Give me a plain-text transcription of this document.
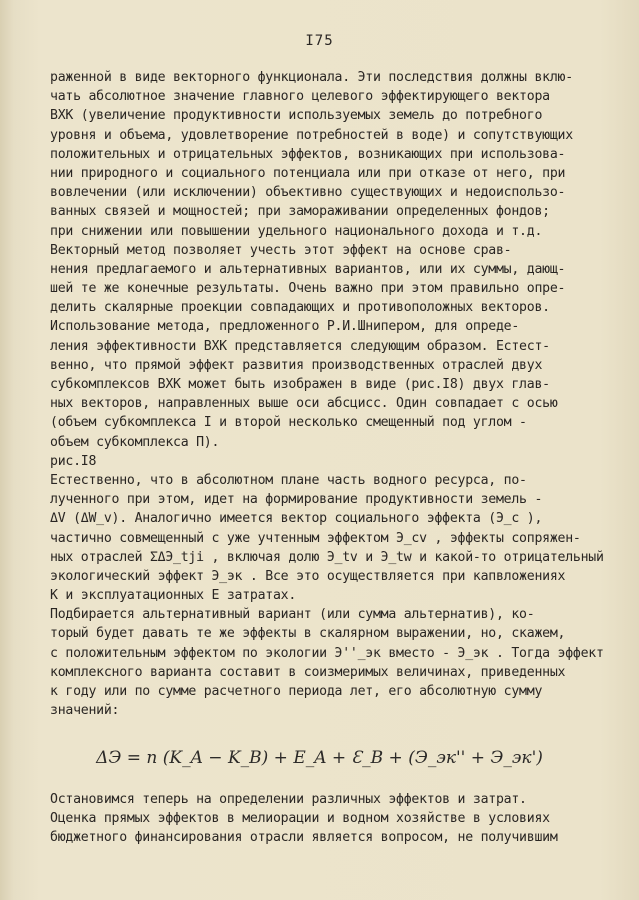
I75
раженной в виде векторного функционала. Эти последствия должны вклю-
чать абсолютное значение главного целевого эффектирующего вектора
ВХК (увеличение продуктивности используемых земель до потребного
уровня и объема, удовлетворение потребностей в воде) и сопутствующих
положительных и отрицательных эффектов, возникающих при использова-
нии природного и социального потенциала или при отказе от него, при
вовлечении (или исключении) объективно существующих и недоиспользо-
ванных связей и мощностей; при замораживании определенных фондов;
при снижении или повышении удельного национального дохода и т.д.
Векторный метод позволяет учесть этот эффект на основе срав-
нения предлагаемого и альтернативных вариантов, или их суммы, дающ-
шей те же конечные результаты. Очень важно при этом правильно опре-
делить скалярные проекции совпадающих и противоположных векторов.
Использование метода, предложенного Р.И.Шнипером, для опреде-
ления эффективности ВХК представляется следующим образом. Естест-
венно, что прямой эффект развития производственных отраслей двух
субкомплексов ВХК может быть изображен в виде (рис.I8) двух глав-
ных векторов, направленных выше оси абсцисс. Один совпадает с осью
(объем субкомплекса I и второй несколько смещенный под углом -
объем субкомплекса П).
рис.I8
Естественно, что в абсолютном плане часть водного ресурса, по-
лученного при этом, идет на формирование продуктивности земель -
ΔV (ΔW_v). Аналогично имеется вектор социального эффекта (Э_c ),
частично совмещенный с уже учтенным эффектом Э_cv , эффекты сопряжен-
ных отраслей ΣΔЭ_tji , включая долю Э_tv и Э_tw и какой-то отрицательный
экологический эффект Э_эк . Все это осуществляется при капвложениях
К и эксплуатационных Е затратах.
Подбирается альтернативный вариант (или сумма альтернатив), ко-
торый будет давать те же эффекты в скалярном выражении, но, скажем,
с положительным эффектом по экологии Э''_эк вместо - Э_эк . Тогда эффект
комплексного варианта составит в соизмеримых величинах, приведенных
к году или по сумме расчетного периода лет, его абсолютную сумму
значений:
ΔЭ = n (K_A − K_B) + E_A + Ɛ_B + (Э_эк'' + Э_эк')
Остановимся теперь на определении различных эффектов и затрат.
Оценка прямых эффектов в мелиорации и водном хозяйстве в условиях
бюджетного финансирования отрасли является вопросом, не получившим
